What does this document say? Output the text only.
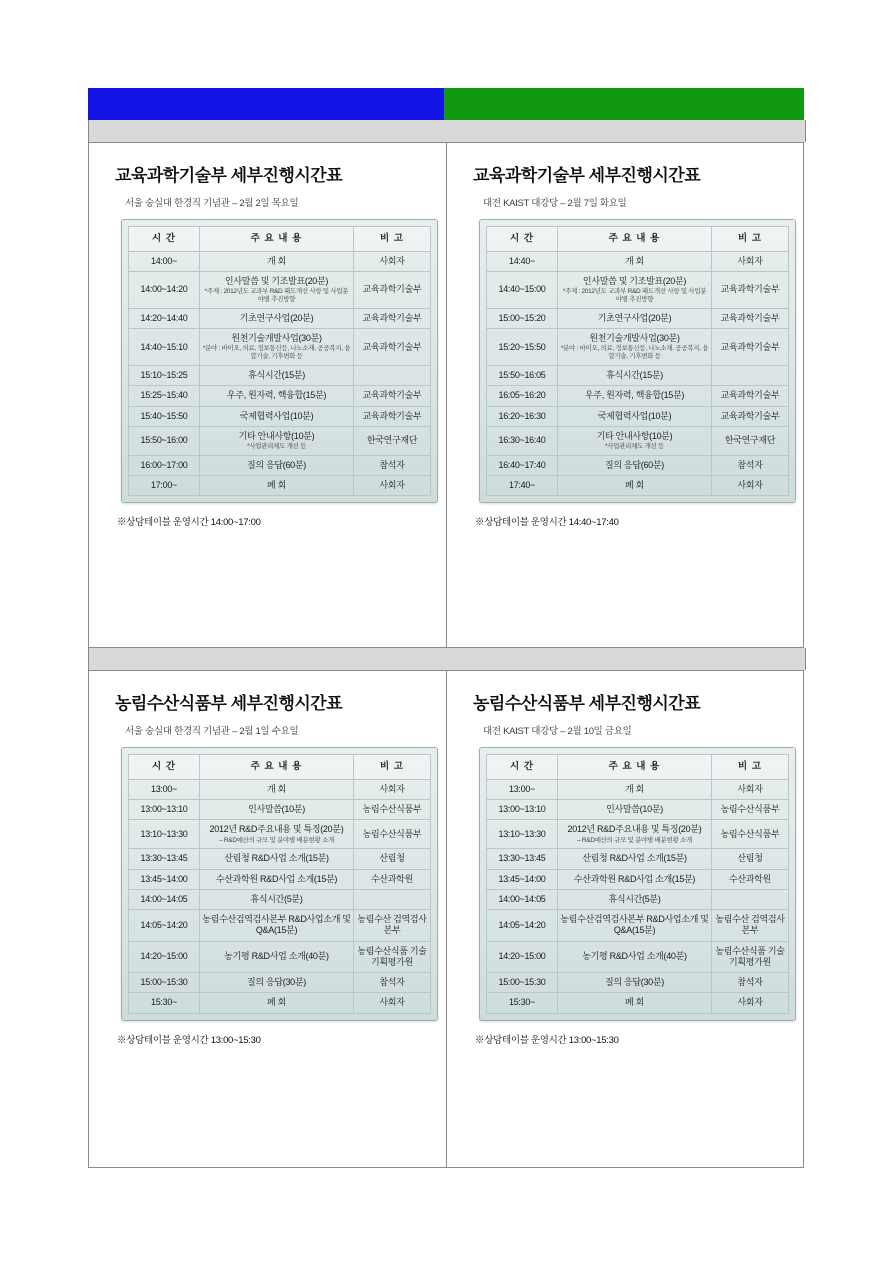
교육과학기술부 세부진행시간표
서울 숭실대 한경직 기념관 – 2월 2일 목요일
시 간	주 요 내 용	비 고
14:00~	개 회	사회자
14:00~14:20	인사말씀 및 기조발표(20분)
*주제 : 2012년도 교과부 R&D 패도개선 사항 및 사업분야별 추진방향	교육과학기술부
14:20~14:40	기초연구사업(20분)	교육과학기술부
14:40~15:10	원천기술개발사업(30분)
*분야 : 바이오, 의료, 정보통신등, 나노소재, 공공복지, 융합기술, 기후변화 등	교육과학기술부
15:10~15:25	휴식시간(15분)	
15:25~15:40	우주, 원자력, 핵융합(15분)	교육과학기술부
15:40~15:50	국제협력사업(10분)	교육과학기술부
15:50~16:00	기타 안내사항(10분)
*사업관리체도 개선 등	한국연구재단
16:00~17:00	질의 응답(60분)	참석자
17:00~	폐 회	사회자
※상담테이블 운영시간 14:00~17:00
교육과학기술부 세부진행시간표
대전 KAIST 대강당 – 2월 7일 화요일
시 간	주 요 내 용	비 고
14:40~	개 회	사회자
14:40~15:00	인사말씀 및 기조발표(20분)
*주제 : 2012년도 교과부 R&D 패도개선 사항 및 사업분야별 추진방향	교육과학기술부
15:00~15:20	기초연구사업(20분)	교육과학기술부
15:20~15:50	원천기술개발사업(30분)
*분야 : 바이오, 의료, 정보통신등, 나노소재, 공공복지, 융합기술, 기후변화 등	교육과학기술부
15:50~16:05	휴식시간(15분)	
16:05~16:20	우주, 원자력, 핵융합(15분)	교육과학기술부
16:20~16:30	국제협력사업(10분)	교육과학기술부
16:30~16:40	기타 안내사항(10분)
*사업관리체도 개선 등	한국연구재단
16:40~17:40	질의 응답(60분)	참석자
17:40~	폐 회	사회자
※상담테이블 운영시간 14:40~17:40
농림수산식품부 세부진행시간표
서울 숭실대 한경직 기념관 – 2월 1일 수요일
시 간	주 요 내 용	비 고
13:00~	개 회	사회자
13:00~13:10	인사말씀(10분)	농림수산식품부
13:10~13:30	2012년 R&D주요내용 및 특징(20분)
– R&D예산의 규모 및 분야별 배분현황 소개	농림수산식품부
13:30~13:45	산림청 R&D사업 소개(15분)	산림청
13:45~14:00	수산과학원 R&D사업 소개(15분)	수산과학원
14:00~14:05	휴식시간(5분)	
14:05~14:20	농림수산검역검사본부 R&D사업소개 및 Q&A(15분)	농림수산 검역검사본부
14:20~15:00	농기평 R&D사업 소개(40분)	농림수산식품 기술기획평가원
15:00~15:30	질의 응답(30분)	참석자
15:30~	폐 회	사회자
※상담테이블 운영시간 13:00~15:30
농림수산식품부 세부진행시간표
대전 KAIST 대강당 – 2월 10일 금요일
시 간	주 요 내 용	비 고
13:00~	개 회	사회자
13:00~13:10	인사말씀(10분)	농림수산식품부
13:10~13:30	2012년 R&D주요내용 및 특징(20분)
– R&D예산의 규모 및 분야별 배분현황 소개	농림수산식품부
13:30~13:45	산림청 R&D사업 소개(15분)	산림청
13:45~14:00	수산과학원 R&D사업 소개(15분)	수산과학원
14:00~14:05	휴식시간(5분)	
14:05~14:20	농림수산검역검사본부 R&D사업소개 및 Q&A(15분)	농림수산 검역검사본부
14:20~15:00	농기평 R&D사업 소개(40분)	농림수산식품 기술기획평가원
15:00~15:30	질의 응답(30분)	참석자
15:30~	폐 회	사회자
※상담테이블 운영시간 13:00~15:30
